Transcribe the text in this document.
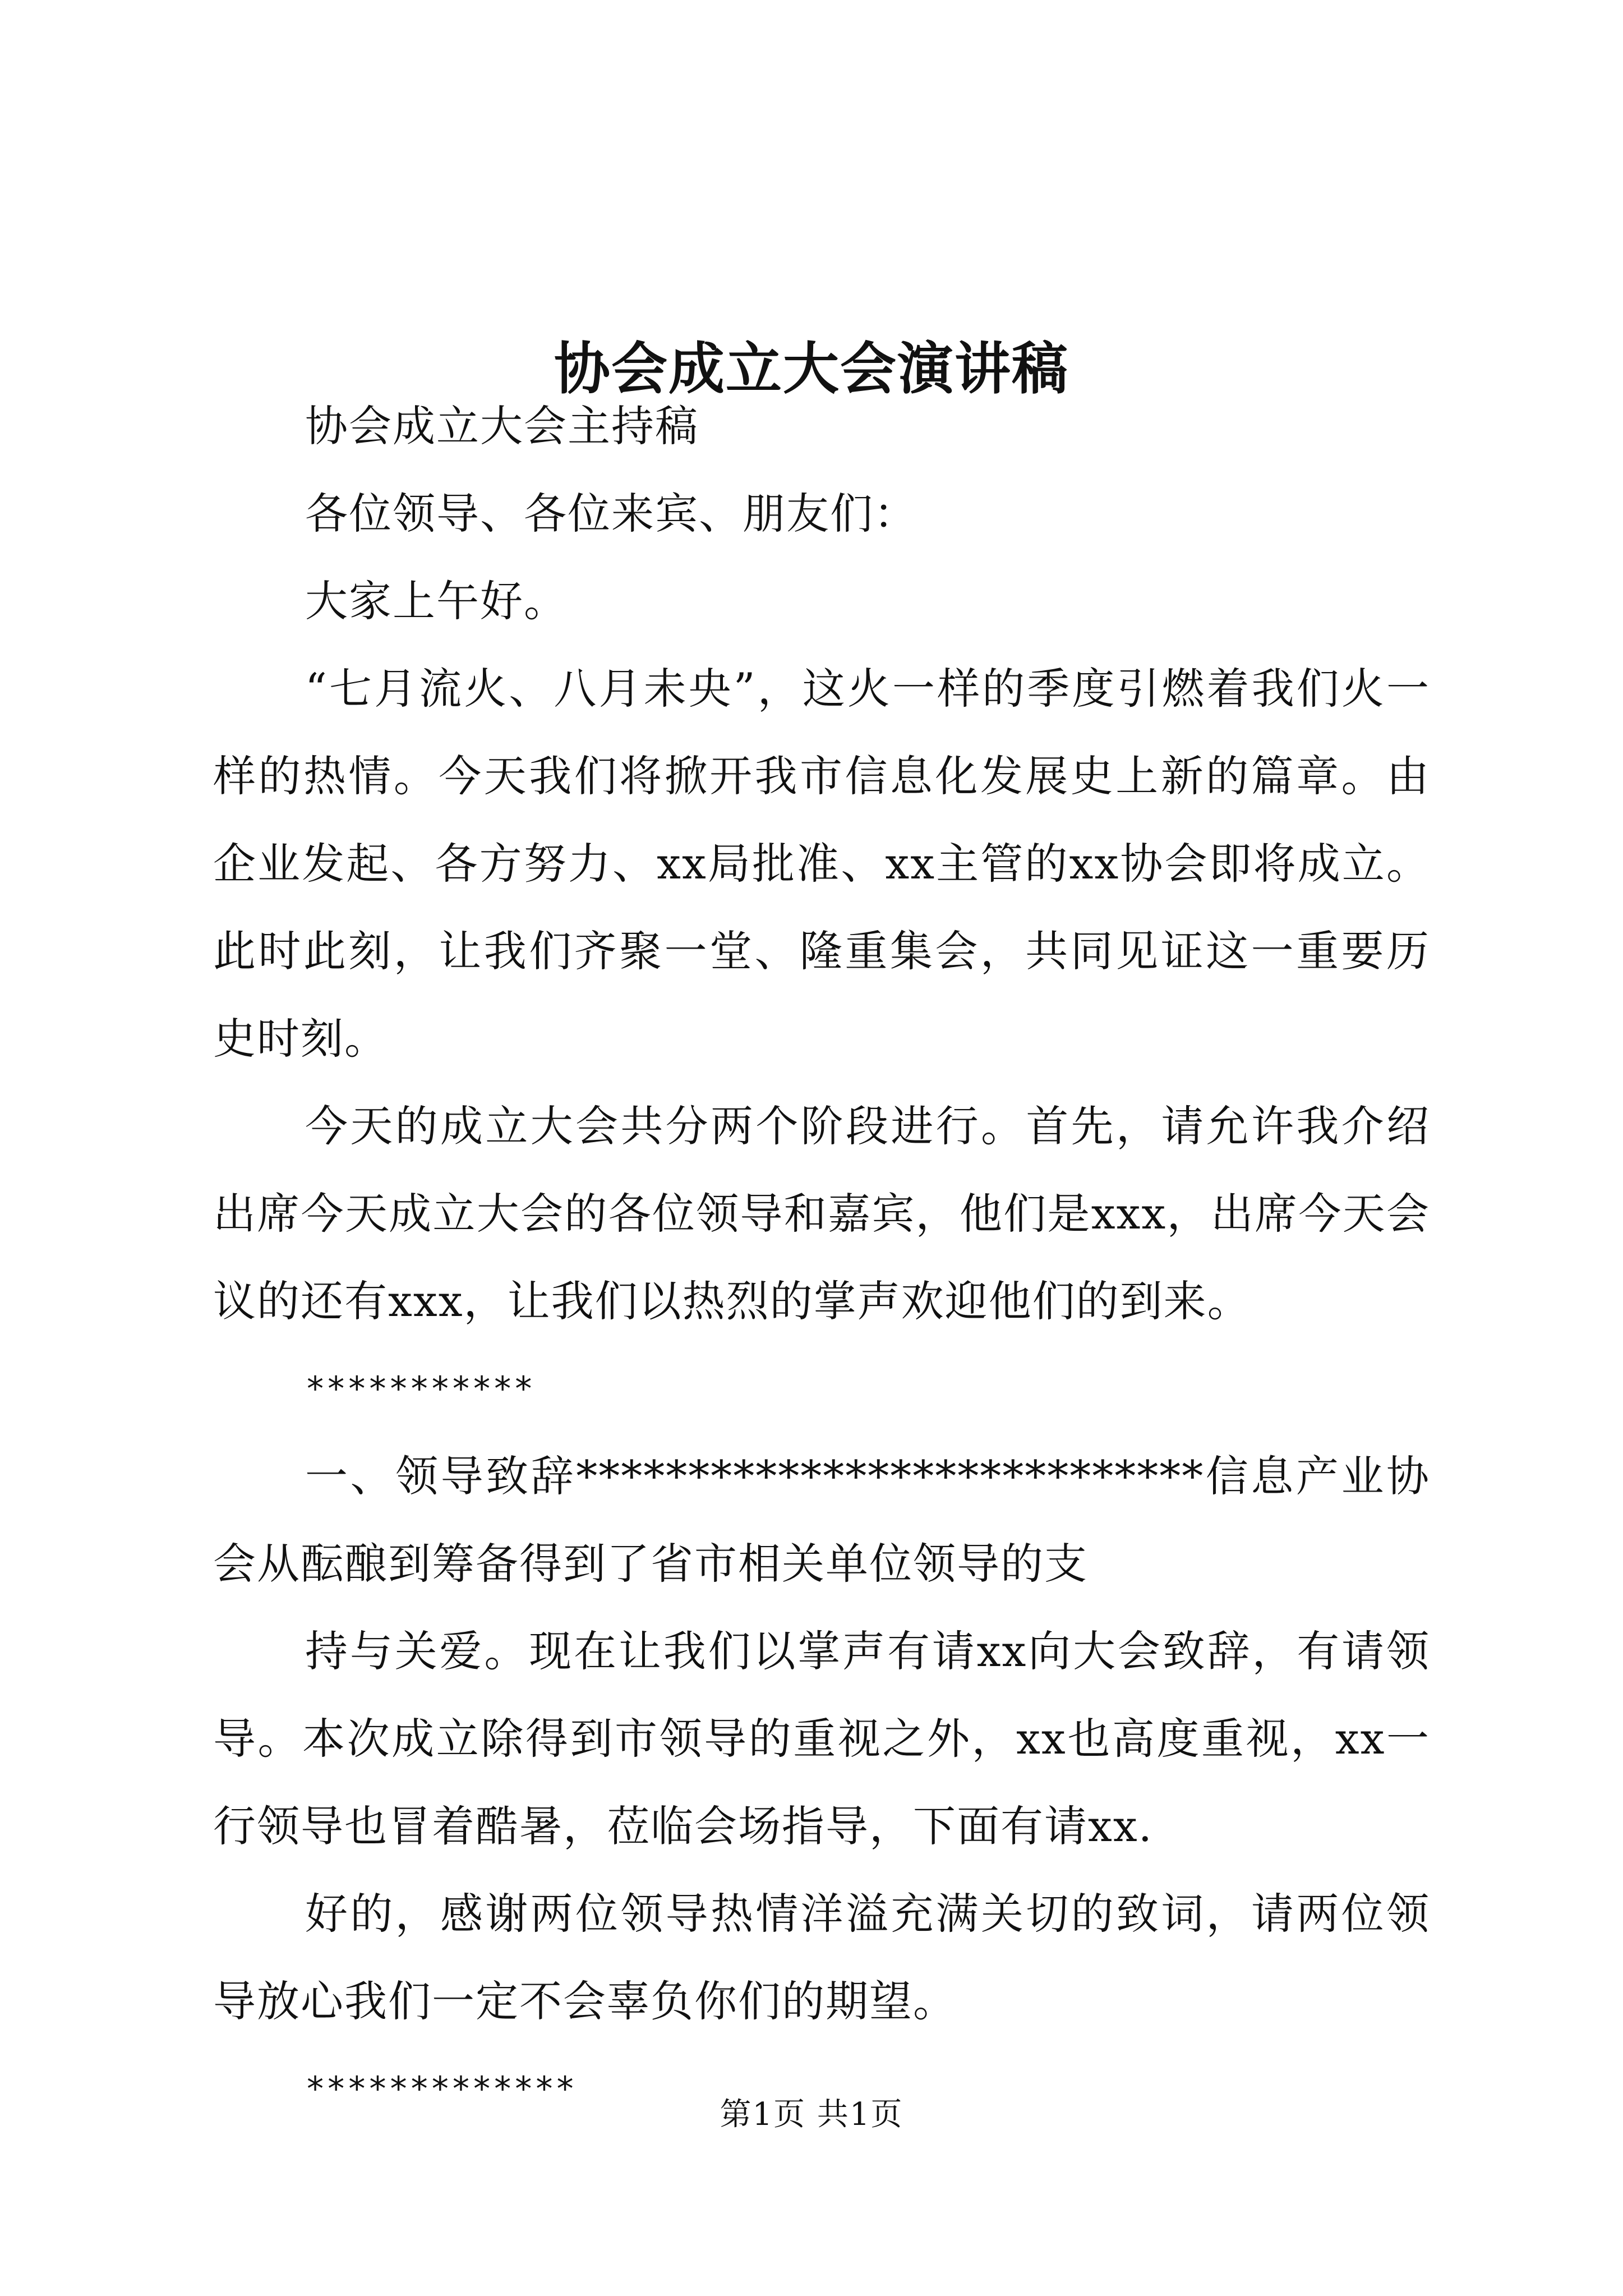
协会成立大会演讲稿

协会成立大会主持稿

各位领导、各位来宾、朋友们：

大家上午好。

“七月流火、八月未央”，这火一样的季度引燃着我们火一样的热情。今天我们将掀开我市信息化发展史上新的篇章。由企业发起、各方努力、xx局批准、xx主管的xx协会即将成立。此时此刻，让我们齐聚一堂、隆重集会，共同见证这一重要历史时刻。

今天的成立大会共分两个阶段进行。首先，请允许我介绍出席今天成立大会的各位领导和嘉宾，他们是xxx，出席今天会议的还有xxx，让我们以热烈的掌声欢迎他们的到来。

***********

一、领导致辞****************************信息产业协会从酝酿到筹备得到了省市相关单位领导的支

持与关爱。现在让我们以掌声有请xx向大会致辞，有请领导。本次成立除得到市领导的重视之外，xx也高度重视，xx一行领导也冒着酷暑，莅临会场指导，下面有请xx.

好的，感谢两位领导热情洋溢充满关切的致词，请两位领导放心我们一定不会辜负你们的期望。

*************

第1页 共1页
